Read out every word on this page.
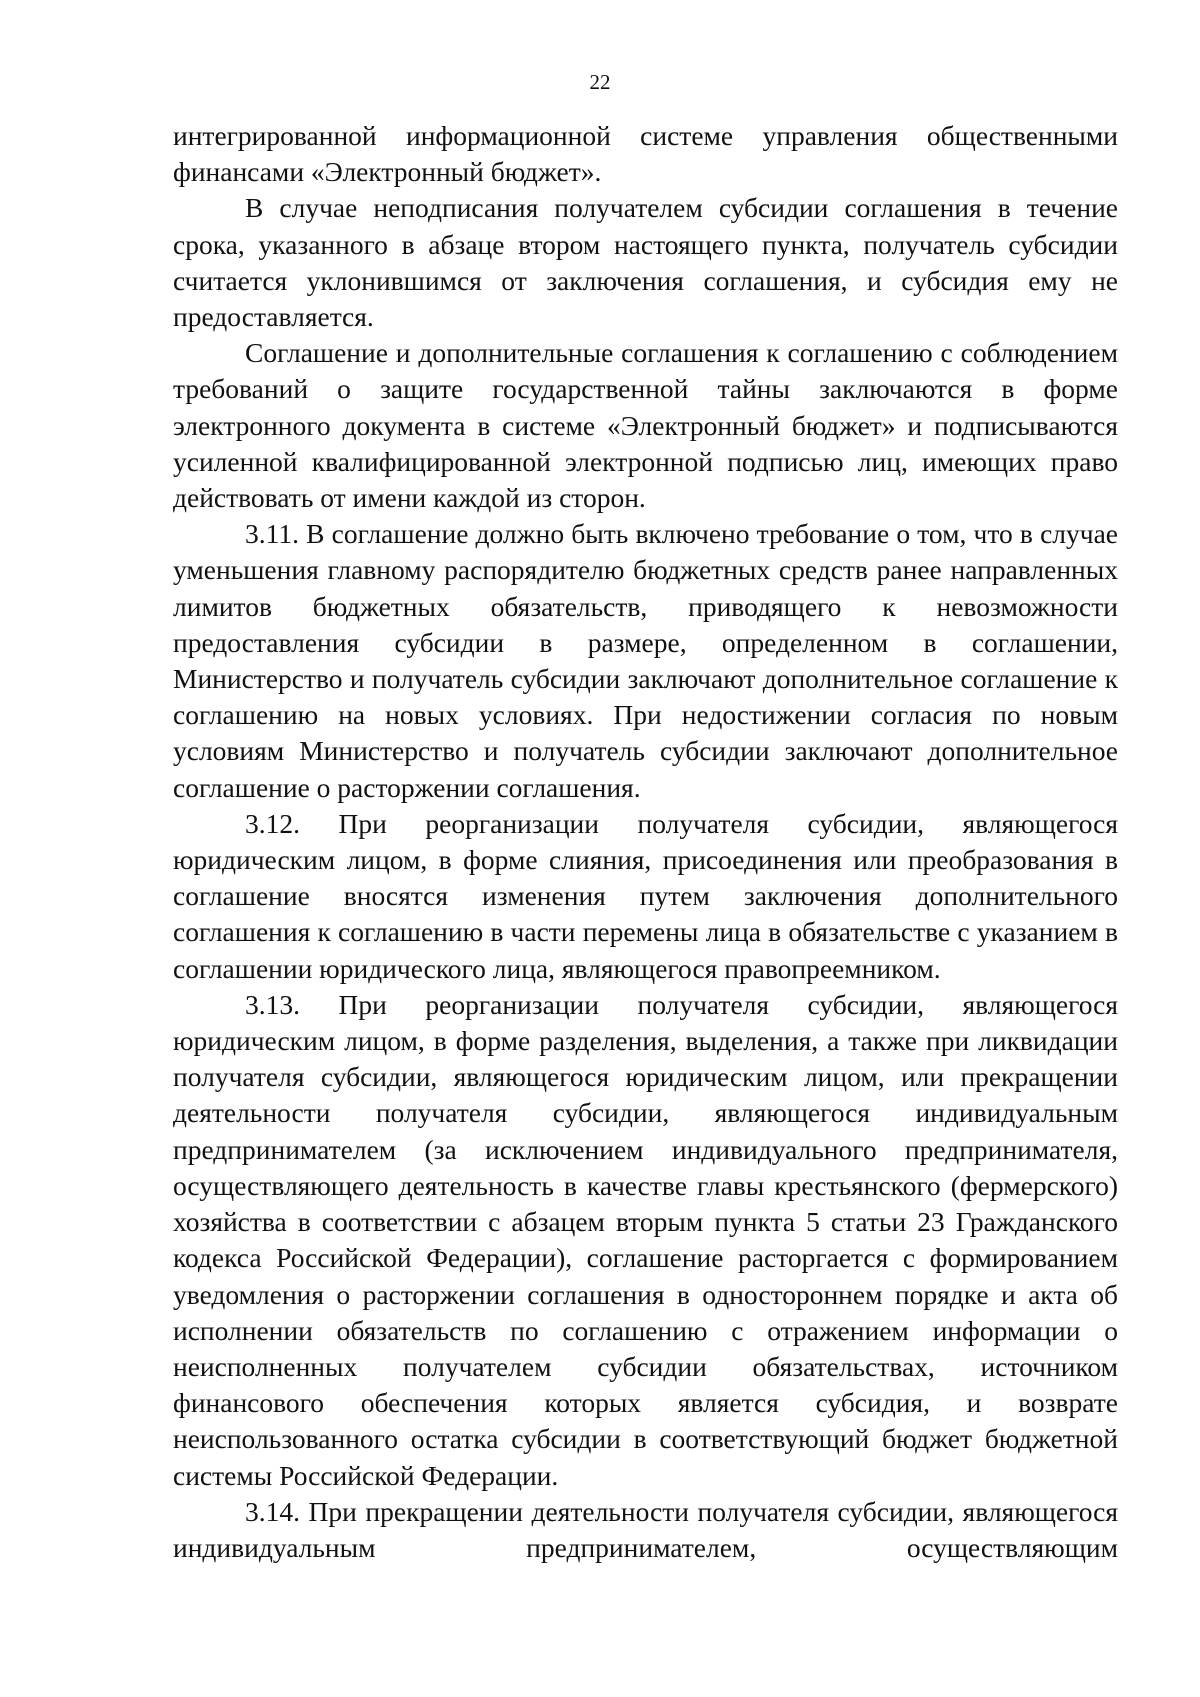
22

интегрированной информационной системе управления общественными финансами «Электронный бюджет».

В случае неподписания получателем субсидии соглашения в течение срока, указанного в абзаце втором настоящего пункта, получатель субсидии считается уклонившимся от заключения соглашения, и субсидия ему не предоставляется.

Соглашение и дополнительные соглашения к соглашению с соблюдением требований о защите государственной тайны заключаются в форме электронного документа в системе «Электронный бюджет» и подписываются усиленной квалифицированной электронной подписью лиц, имеющих право действовать от имени каждой из сторон.

3.11. В соглашение должно быть включено требование о том, что в случае уменьшения главному распорядителю бюджетных средств ранее направленных лимитов бюджетных обязательств, приводящего к невозможности предоставления субсидии в размере, определенном в соглашении, Министерство и получатель субсидии заключают дополнительное соглашение к соглашению на новых условиях. При недостижении согласия по новым условиям Министерство и получатель субсидии заключают дополнительное соглашение о расторжении соглашения.

3.12. При реорганизации получателя субсидии, являющегося юридическим лицом, в форме слияния, присоединения или преобразования в соглашение вносятся изменения путем заключения дополнительного соглашения к соглашению в части перемены лица в обязательстве с указанием в соглашении юридического лица, являющегося правопреемником.

3.13. При реорганизации получателя субсидии, являющегося юридическим лицом, в форме разделения, выделения, а также при ликвидации получателя субсидии, являющегося юридическим лицом, или прекращении деятельности получателя субсидии, являющегося индивидуальным предпринимателем (за исключением индивидуального предпринимателя, осуществляющего деятельность в качестве главы крестьянского (фермерского) хозяйства в соответствии с абзацем вторым пункта 5 статьи 23 Гражданского кодекса Российской Федерации), соглашение расторгается с формированием уведомления о расторжении соглашения в одностороннем порядке и акта об исполнении обязательств по соглашению с отражением информации о неисполненных получателем субсидии обязательствах, источником финансового обеспечения которых является субсидия, и возврате неиспользованного остатка субсидии в соответствующий бюджет бюджетной системы Российской Федерации.

3.14. При прекращении деятельности получателя субсидии, являющегося индивидуальным предпринимателем, осуществляющим
